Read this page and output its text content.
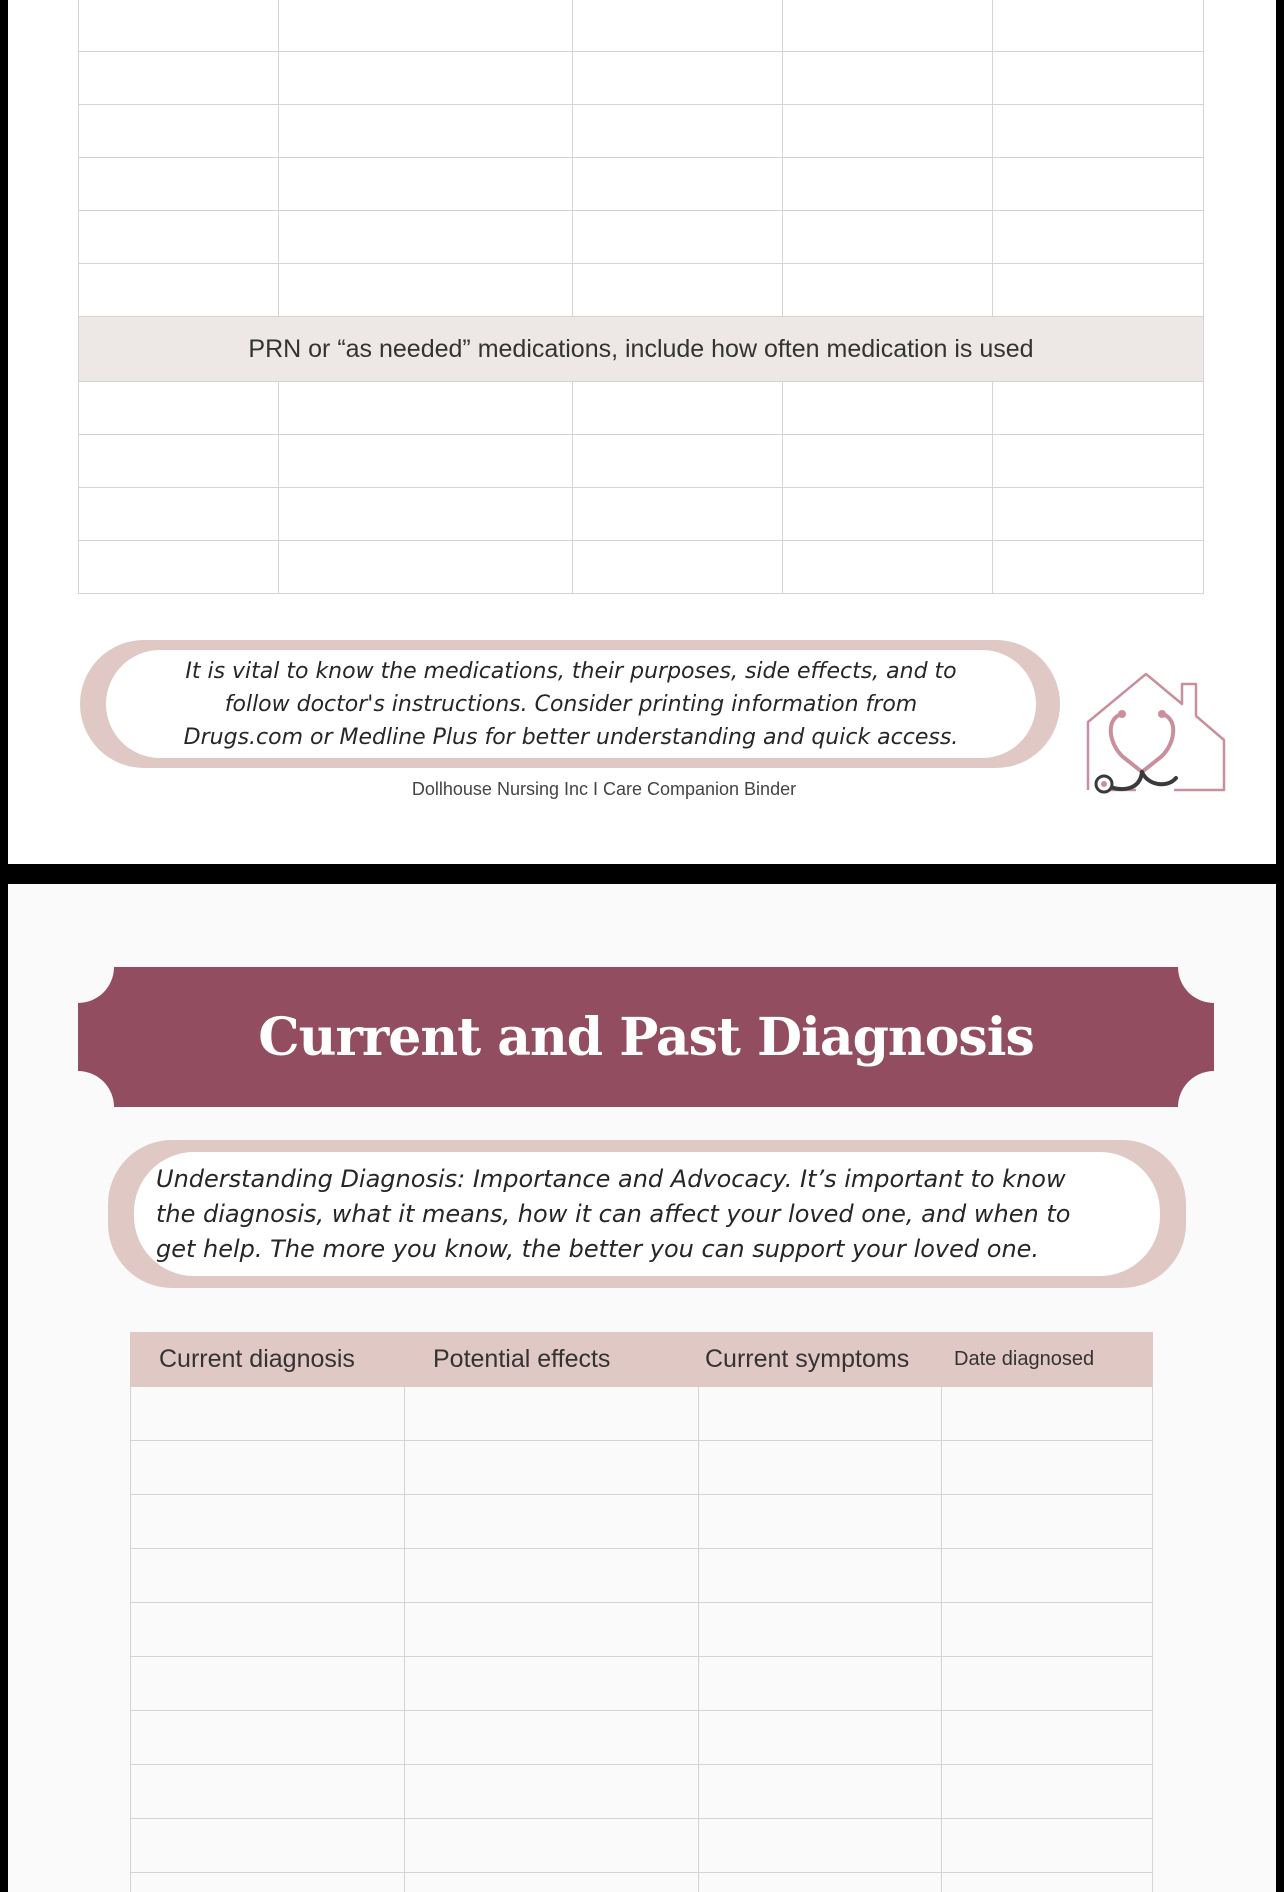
PRN or “as needed” medications, include how often medication is used				

It is vital to know the medications, their purposes, side effects, and to
follow doctor's instructions. Consider printing information from
Drugs.com or Medline Plus for better understanding and quick access.
Dollhouse Nursing Inc I Care Companion Binder
Current and Past Diagnosis
Understanding Diagnosis: Importance and Advocacy. It’s important to know
the diagnosis, what it means, how it can affect your loved one, and when to
get help. The more you know, the better you can support your loved one.
Current diagnosis	Potential effects	Current symptoms	Date diagnosed
